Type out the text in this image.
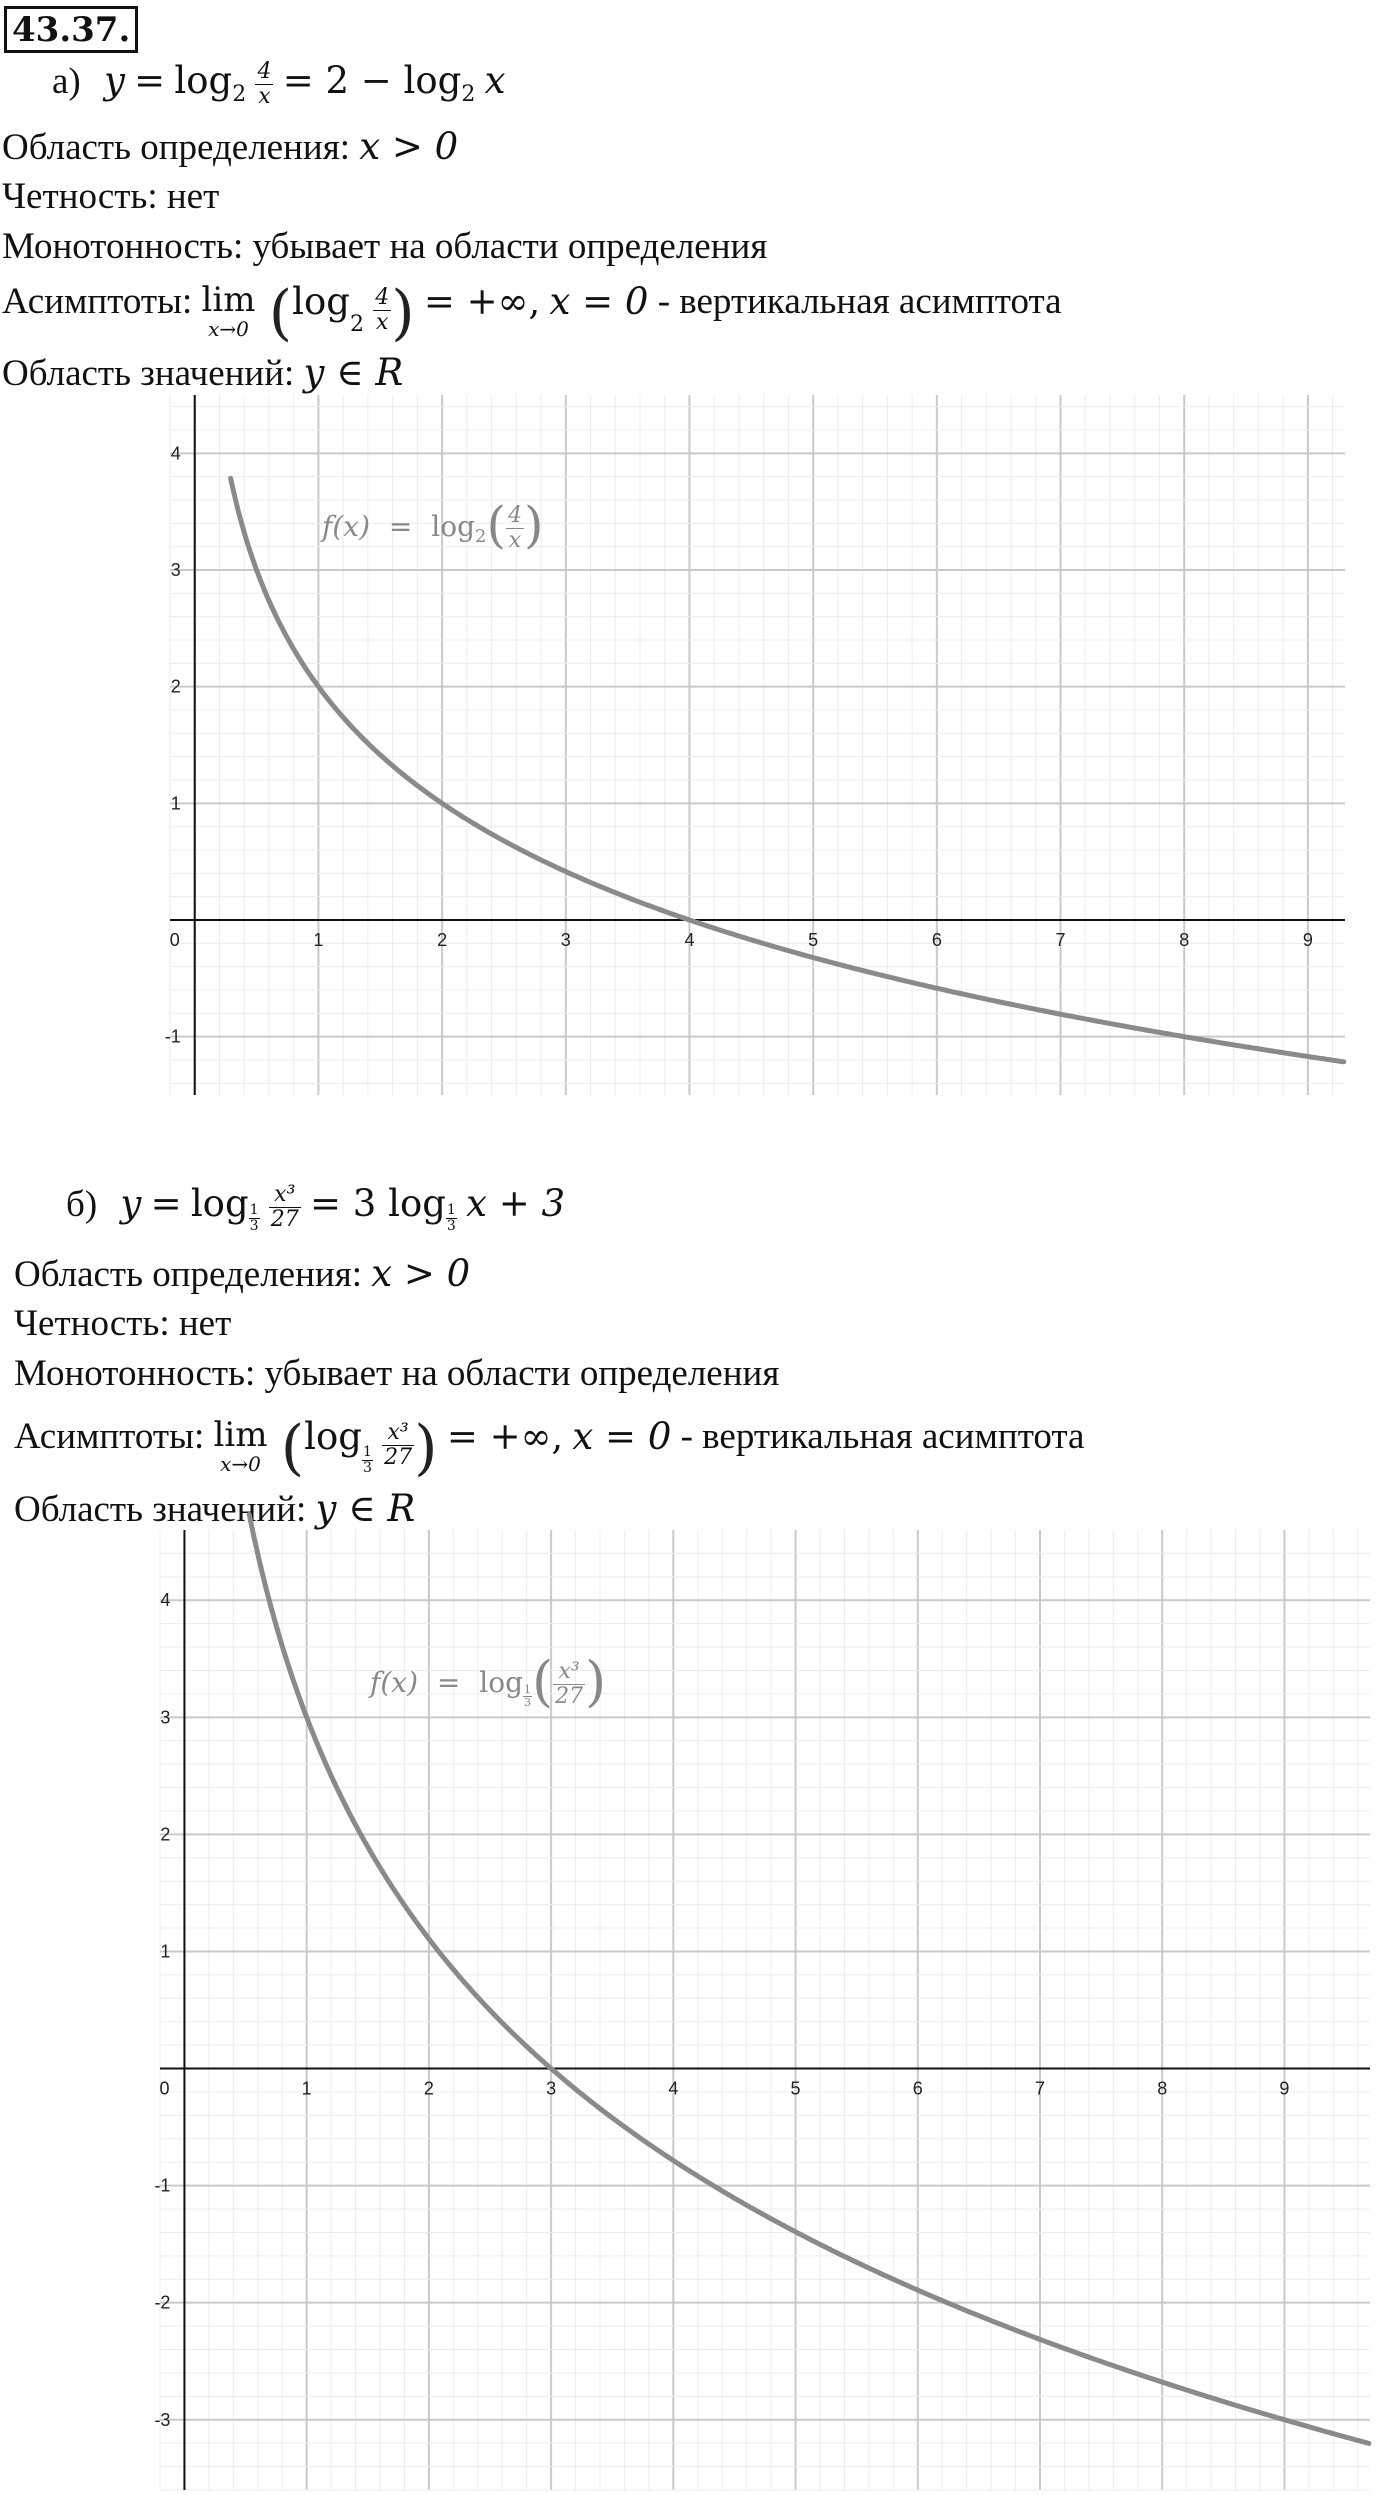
43.37.
а) $y = \log_2 \frac{4}{x} = 2 - \log_2 x$
Область определения: x > 0
Четность: нет
Монотонность: убывает на области определения
Асимптоты: lim
x→0 ($\log_2 \frac{4}{x}$ ) = +∞, x = 0 - вертикальная асимптота
Область значений: y ∈ R
0	1	2	3	4	5	6	7	8	9
4
3
2
1
-1
$f(x) = \log_2( \frac{4}{x}$ )
б) $y = \log \frac{1}{3}$
$\frac{\text{x³}}{27} = 3$ $\log \frac{1}{3}$ x + 3
Область определения: x > 0
Четность: нет
Монотонность: убывает на области определения
Асимптоты: lim
x→0 (log
$\frac{1}{3}$
$\frac{\text{x³}}{27}$ ) = +∞, x = 0 - вертикальная асимптота
Область значений: y ∈ R
0	1	2	3	4	5	6	7	8	9
4
3
2
1
-1
-2
-3
$f(x) = \log \frac{1}{3}$ ( $\frac{\text{x³}}{27}$ )
